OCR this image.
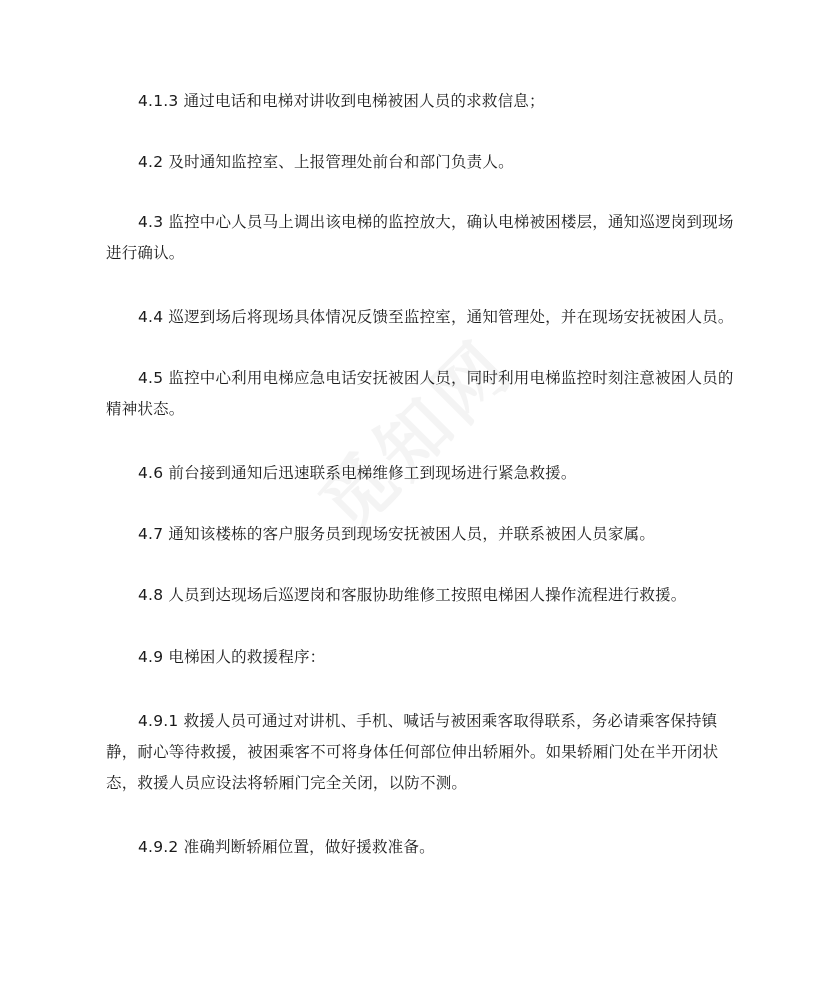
4.1.3 通过电话和电梯对讲收到电梯被困人员的求救信息；

4.2 及时通知监控室、上报管理处前台和部门负责人。

4.3 监控中心人员马上调出该电梯的监控放大，确认电梯被困楼层，通知巡逻岗到现场进行确认。

4.4 巡逻到场后将现场具体情况反馈至监控室，通知管理处，并在现场安抚被困人员。

4.5 监控中心利用电梯应急电话安抚被困人员，同时利用电梯监控时刻注意被困人员的精神状态。

4.6 前台接到通知后迅速联系电梯维修工到现场进行紧急救援。

4.7 通知该楼栋的客户服务员到现场安抚被困人员，并联系被困人员家属。

4.8 人员到达现场后巡逻岗和客服协助维修工按照电梯困人操作流程进行救援。

4.9 电梯困人的救援程序：

4.9.1 救援人员可通过对讲机、手机、喊话与被困乘客取得联系，务必请乘客保持镇静，耐心等待救援，被困乘客不可将身体任何部位伸出轿厢外。如果轿厢门处在半开闭状态，救援人员应设法将轿厢门完全关闭，以防不测。

4.9.2 准确判断轿厢位置，做好援救准备。
